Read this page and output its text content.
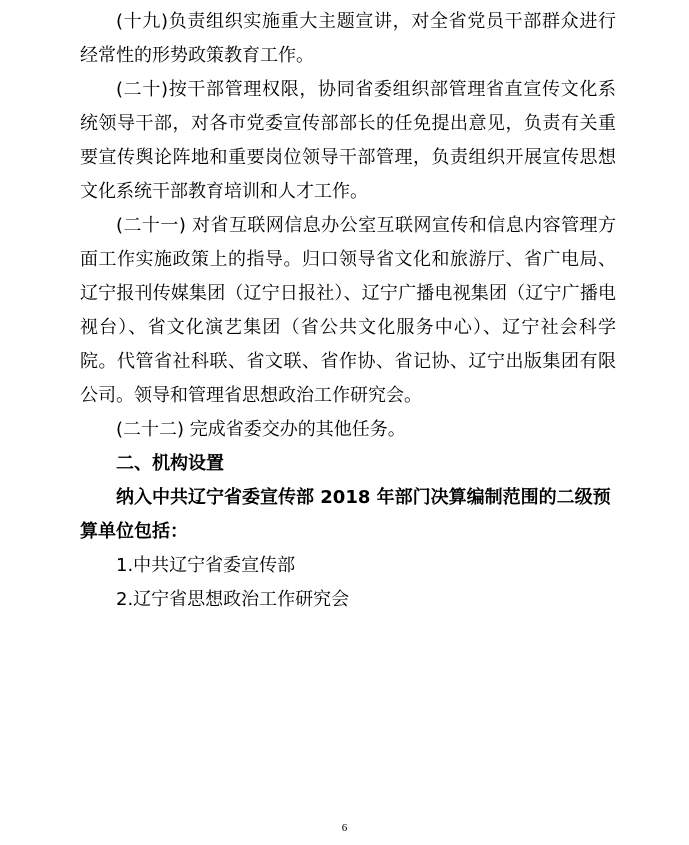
(十九)负责组织实施重大主题宣讲，对全省党员干部群众进行经常性的形势政策教育工作。

(二十)按干部管理权限，协同省委组织部管理省直宣传文化系统领导干部，对各市党委宣传部部长的任免提出意见，负责有关重要宣传舆论阵地和重要岗位领导干部管理，负责组织开展宣传思想文化系统干部教育培训和人才工作。

(二十一) 对省互联网信息办公室互联网宣传和信息内容管理方面工作实施政策上的指导。归口领导省文化和旅游厅、省广电局、辽宁报刊传媒集团（辽宁日报社）、辽宁广播电视集团（辽宁广播电视台）、省文化演艺集团（省公共文化服务中心）、辽宁社会科学院。代管省社科联、省文联、省作协、省记协、辽宁出版集团有限公司。领导和管理省思想政治工作研究会。

(二十二) 完成省委交办的其他任务。

二、机构设置

纳入中共辽宁省委宣传部 2018 年部门决算编制范围的二级预算单位包括：

1.中共辽宁省委宣传部

2.辽宁省思想政治工作研究会

6
